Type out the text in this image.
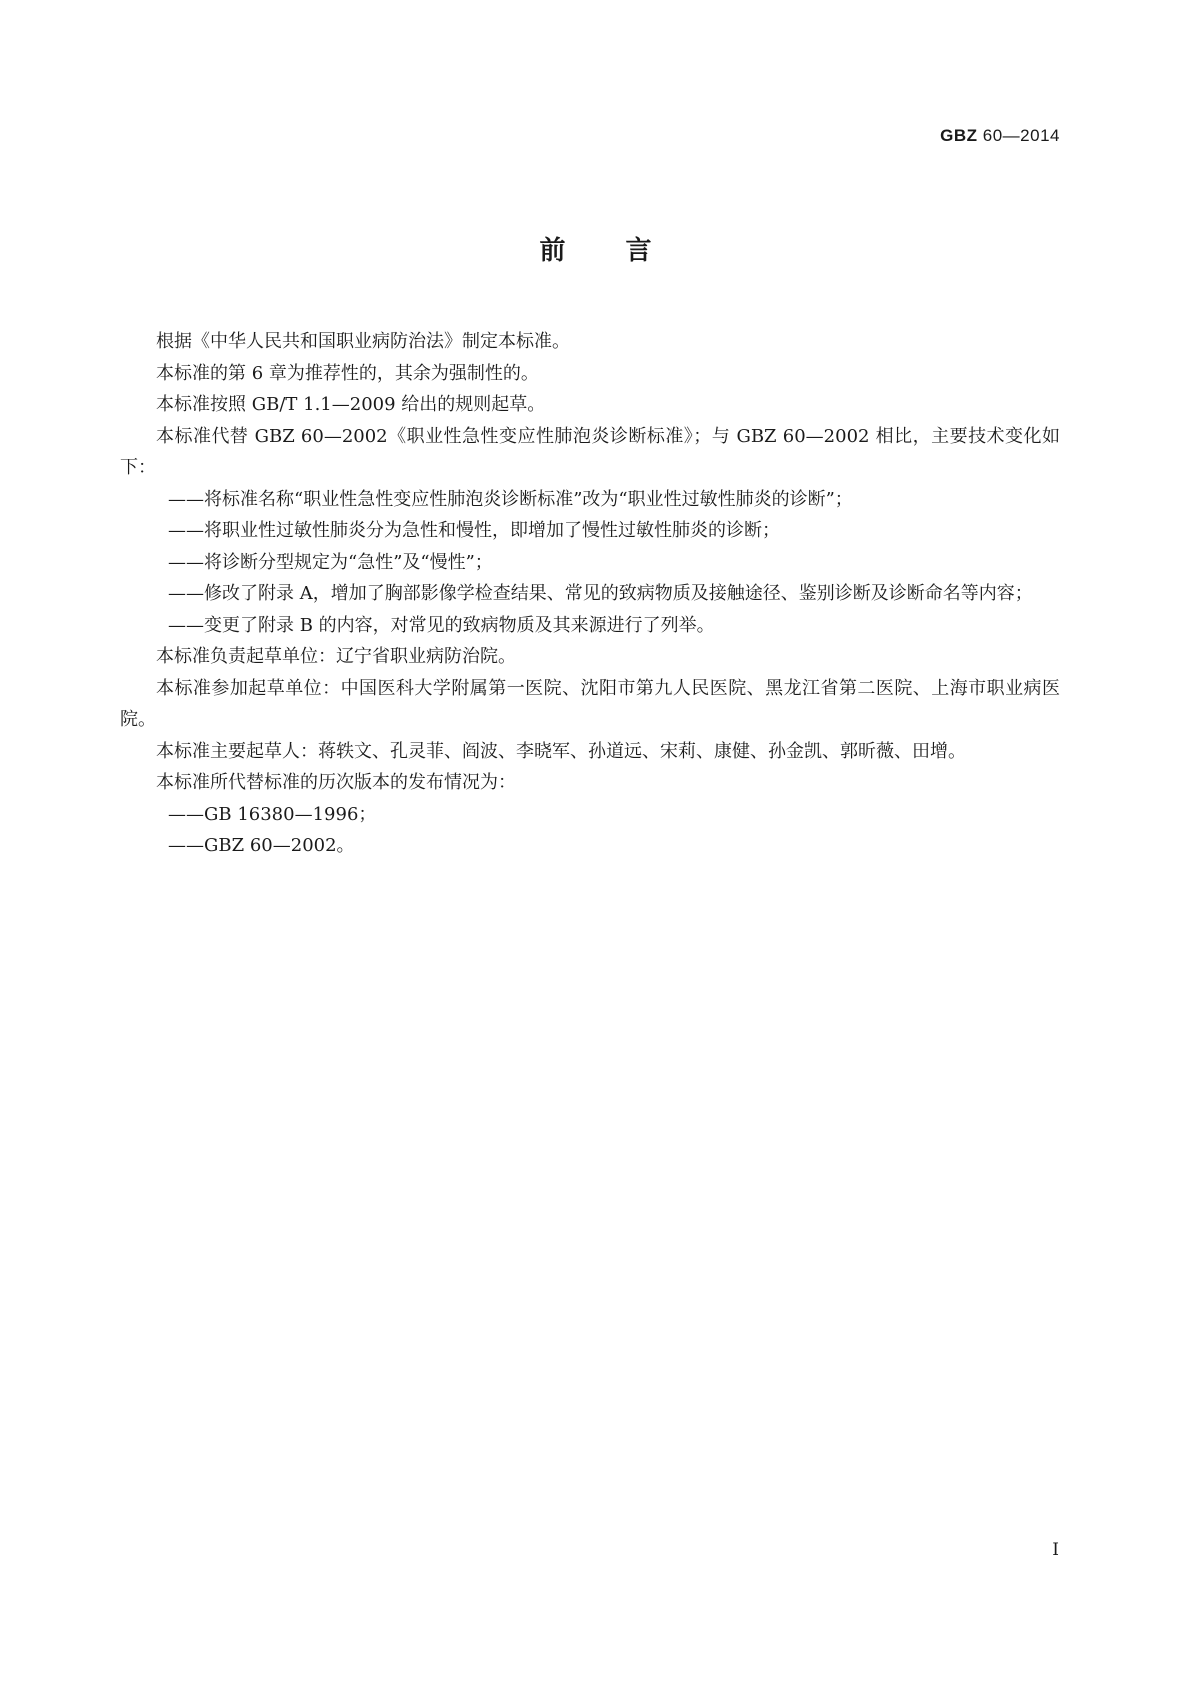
GBZ 60—2014
前言

根据《中华人民共和国职业病防治法》制定本标准。

本标准的第 6 章为推荐性的，其余为强制性的。

本标准按照 GB/T 1.1—2009 给出的规则起草。

本标准代替 GBZ 60—2002《职业性急性变应性肺泡炎诊断标准》；与 GBZ 60—2002 相比，主要技术变化如下：

——将标准名称“职业性急性变应性肺泡炎诊断标准”改为“职业性过敏性肺炎的诊断”；

——将职业性过敏性肺炎分为急性和慢性，即增加了慢性过敏性肺炎的诊断；

——将诊断分型规定为“急性”及“慢性”；

——修改了附录 A，增加了胸部影像学检查结果、常见的致病物质及接触途径、鉴别诊断及诊断命名等内容；

——变更了附录 B 的内容，对常见的致病物质及其来源进行了列举。

本标准负责起草单位：辽宁省职业病防治院。

本标准参加起草单位：中国医科大学附属第一医院、沈阳市第九人民医院、黑龙江省第二医院、上海市职业病医院。

本标准主要起草人：蒋轶文、孔灵菲、阎波、李晓军、孙道远、宋莉、康健、孙金凯、郭昕薇、田增。

本标准所代替标准的历次版本的发布情况为：

——GB 16380—1996；

——GBZ 60—2002。

I
